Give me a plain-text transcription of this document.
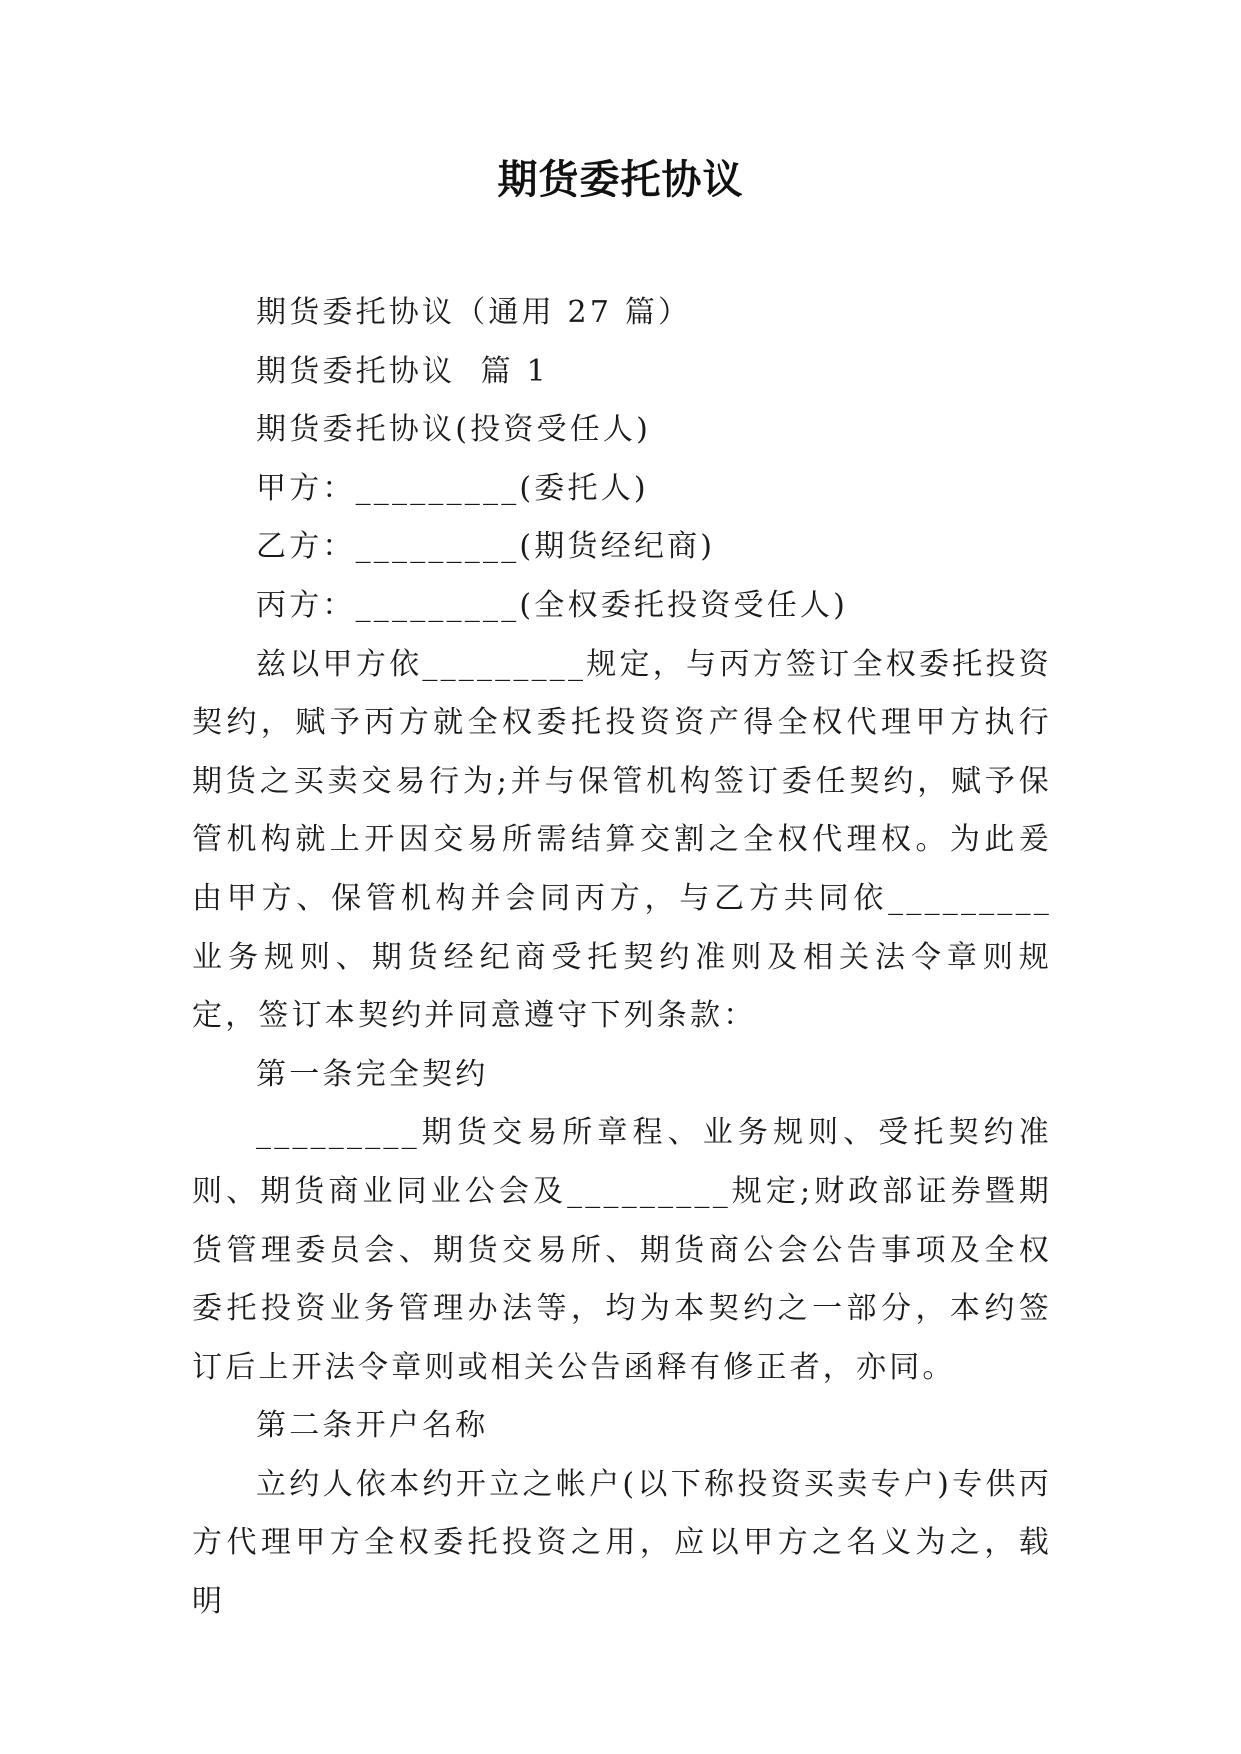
期货委托协议

期货委托协议（通用 27 篇）

期货委托协议  篇 1

期货委托协议(投资受任人)

甲方：_________(委托人)

乙方：_________(期货经纪商)

丙方：_________(全权委托投资受任人)

兹以甲方依_________规定，与丙方签订全权委托投资契约，赋予丙方就全权委托投资资产得全权代理甲方执行期货之买卖交易行为;并与保管机构签订委任契约，赋予保管机构就上开因交易所需结算交割之全权代理权。为此爰由甲方、保管机构并会同丙方，与乙方共同依_________业务规则、期货经纪商受托契约准则及相关法令章则规定，签订本契约并同意遵守下列条款：

第一条完全契约

_________期货交易所章程、业务规则、受托契约准则、期货商业同业公会及_________规定;财政部证券暨期货管理委员会、期货交易所、期货商公会公告事项及全权委托投资业务管理办法等，均为本契约之一部分，本约签订后上开法令章则或相关公告函释有修正者，亦同。

第二条开户名称

立约人依本约开立之帐户(以下称投资买卖专户)专供丙方代理甲方全权委托投资之用，应以甲方之名义为之，载明
